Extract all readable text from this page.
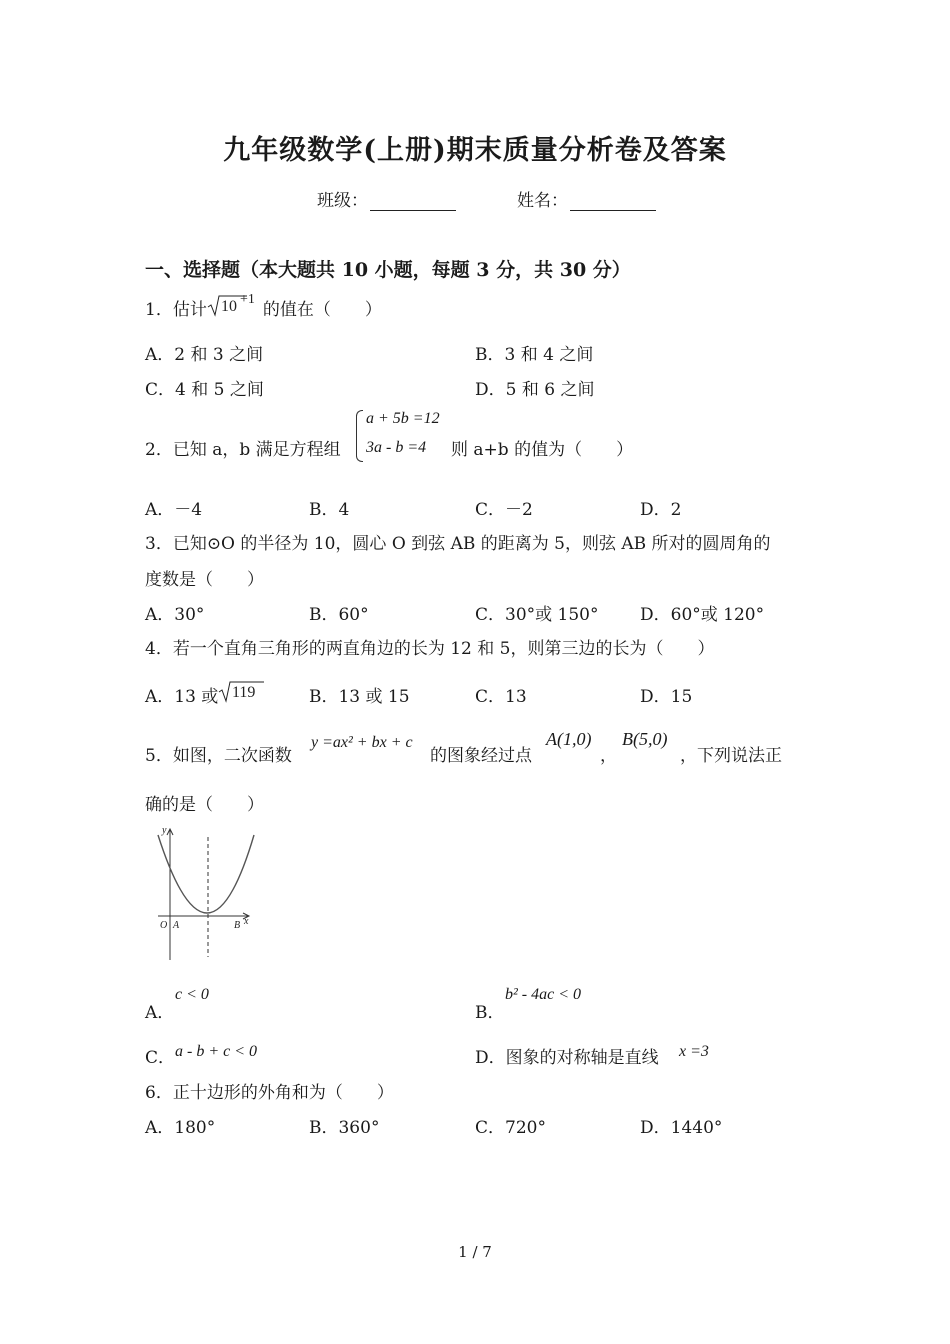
九年级数学(上册)期末质量分析卷及答案
班级：	姓名：
一、选择题（本大题共 10 小题，每题 3 分，共 30 分）
1．估计 10 +1
的值在（　　）
A．2 和 3 之间	B．3 和 4 之间
C．4 和 5 之间	D．5 和 6 之间
2．已知 a，b 满足方程组
a + 5b =12
3a - b =4 则 a+b 的值为（　　）
A．－4	B．4	C．－2	D．2
3．已知⊙O 的半径为 10，圆心 O 到弦 AB 的距离为 5，则弦 AB 所对的圆周角的
度数是（　　）
A．30°	B．60°	C．30°或 150° D．60°或 120°
4．若一个直角三角形的两直角边的长为 12 和 5，则第三边的长为（　　）
A．13 或 119	B．13 或 15	C．13	D．15
5．如图，二次函数
y =ax² + bx + c
的图象经过点
A(1,0)
，
B(5,0)
，下列说法正
确的是（　　）
y
x
O A	B
A．
c < 0
B．
b² - 4ac < 0
C． a - b + c < 0	D．图象的对称轴是直线 x =3
6．正十边形的外角和为（　　）
A．180°	B．360°	C．720°	D．1440°
1 / 7
